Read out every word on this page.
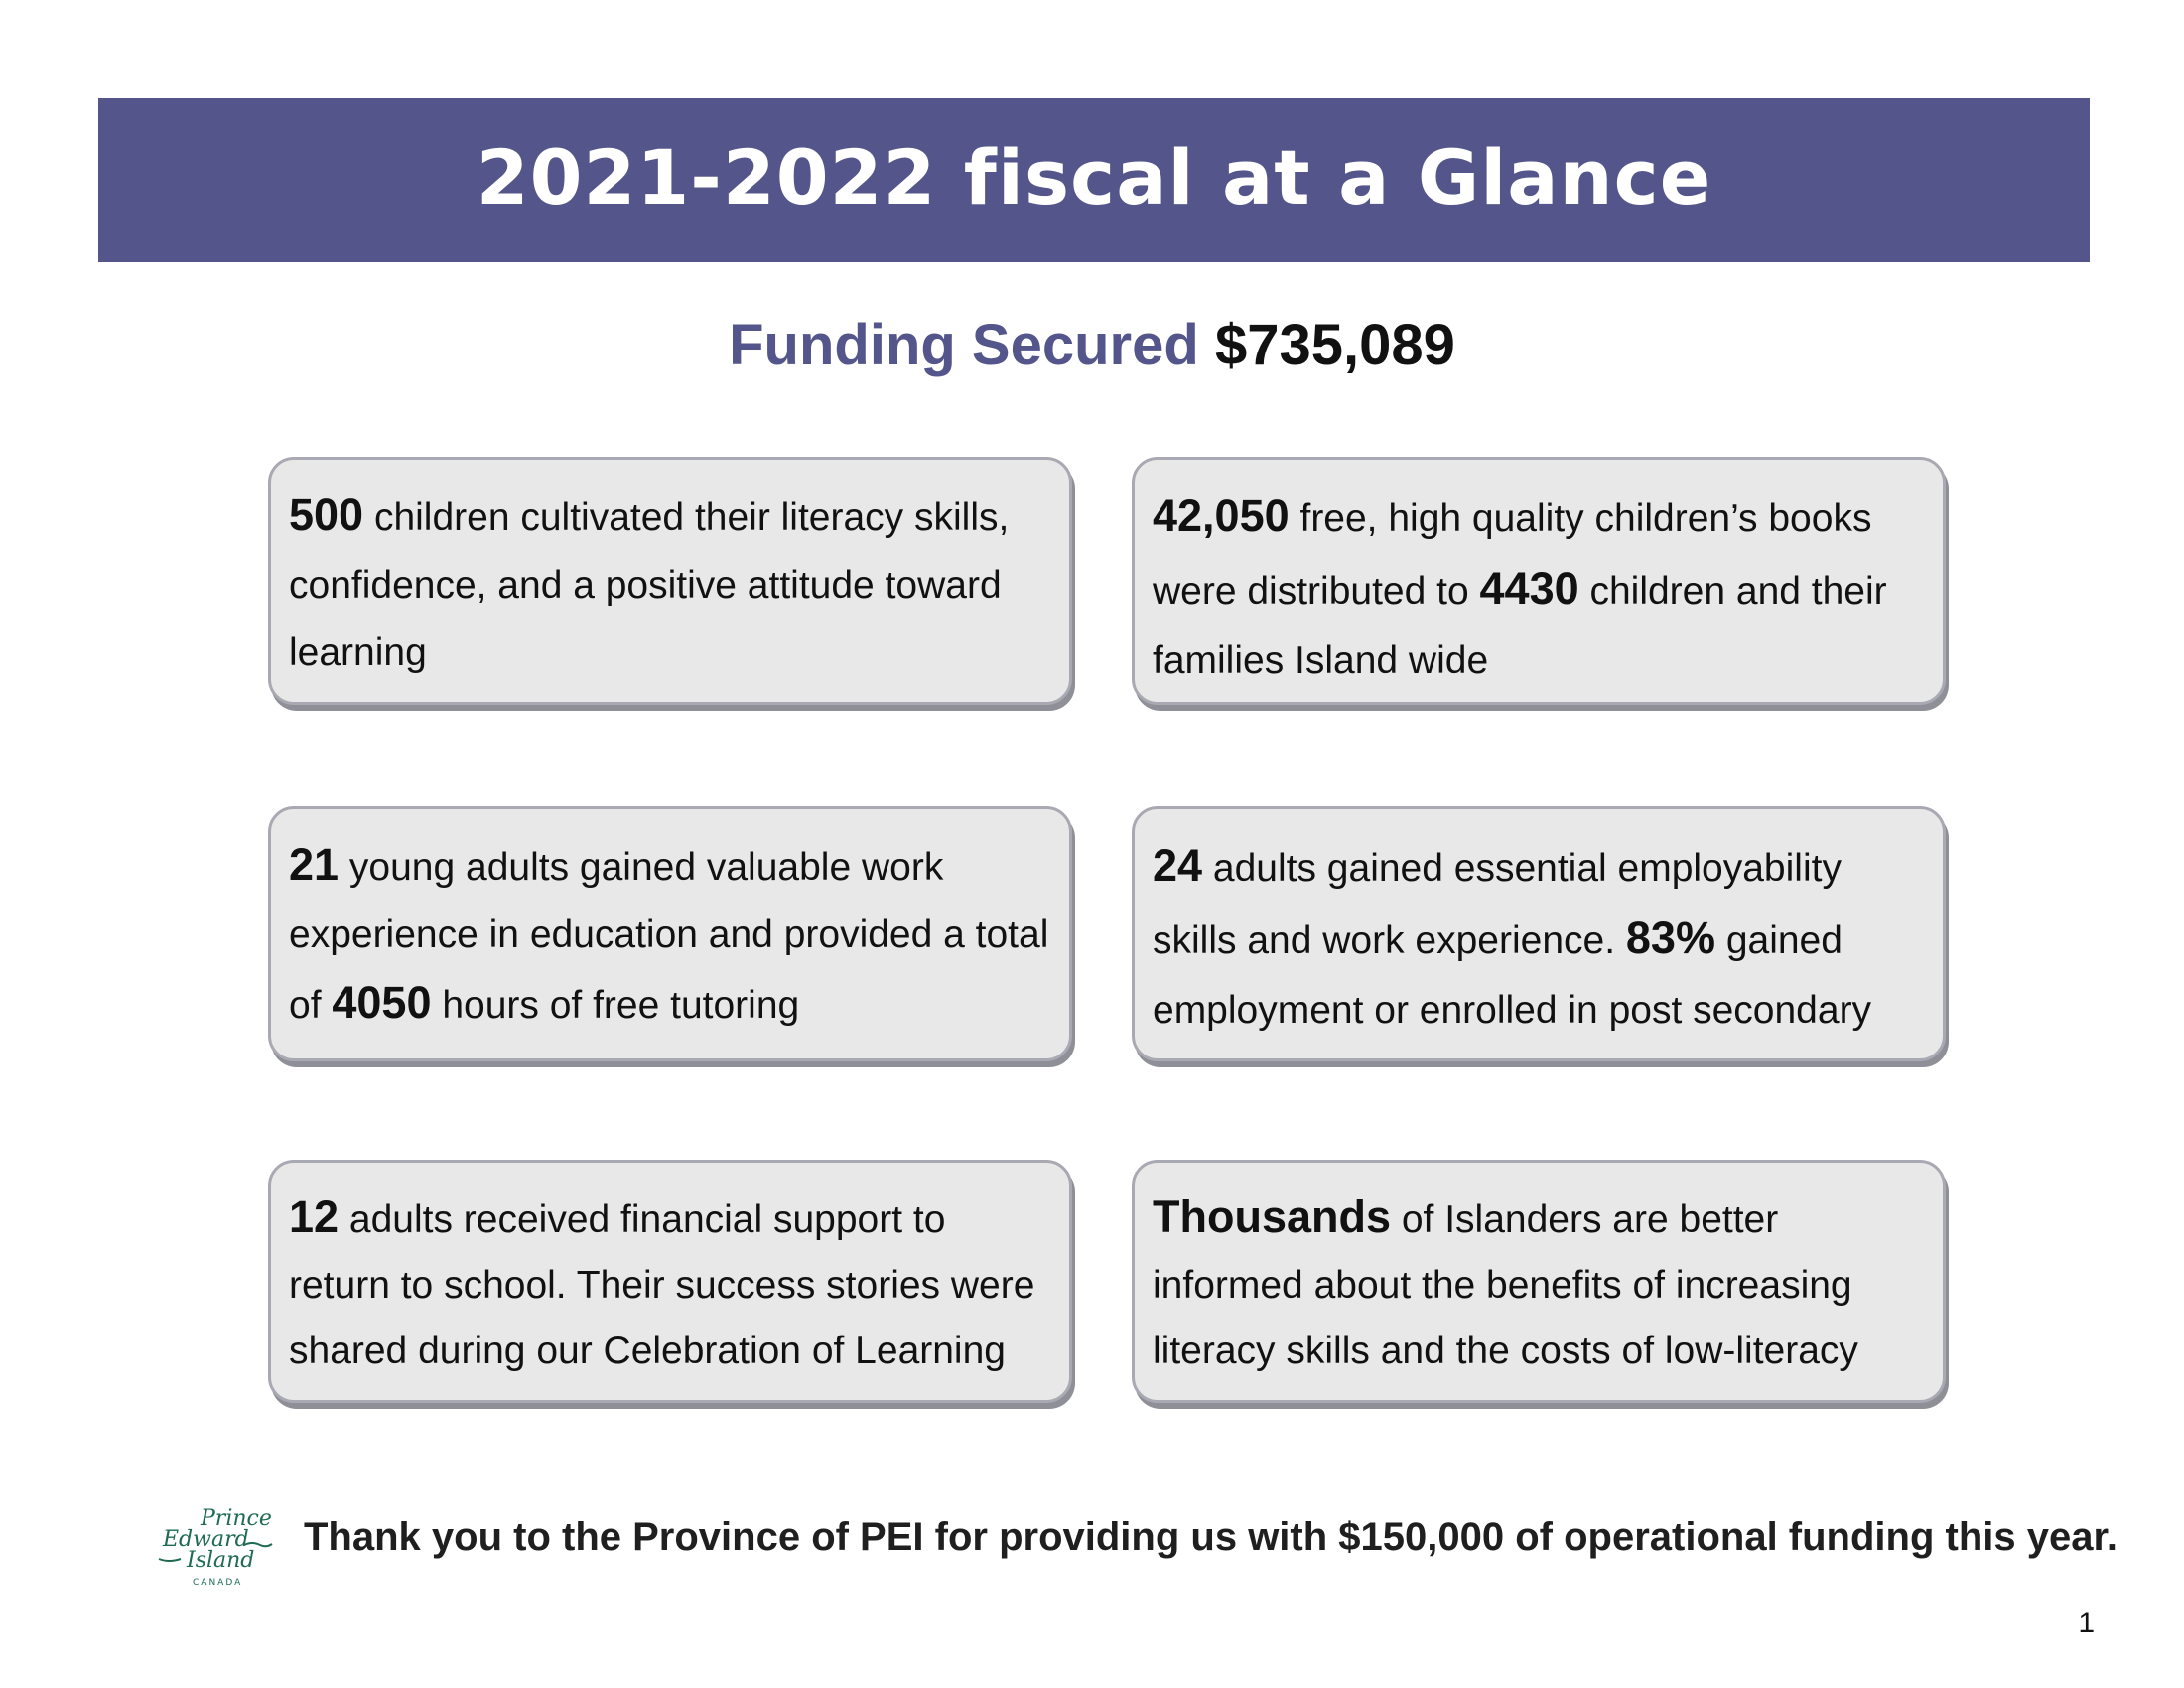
2021-2022 fiscal at a Glance
Funding Secured $735,089
500 children cultivated their literacy skills, confidence, and a positive attitude toward learning
42,050 free, high quality children’s books were distributed to 4430 children and their families Island wide
21 young adults gained valuable work experience in education and provided a total of 4050 hours of free tutoring
24 adults gained essential employability skills and work experience. 83% gained employment or enrolled in post secondary
12 adults received financial support to return to school. Their success stories were shared during our Celebration of Learning
Thousands of Islanders are better informed about the benefits of increasing literacy skills and the costs of low-literacy
Prince
Edward
Island
CANADA
Thank you to the Province of PEI for providing us with $150,000 of operational funding this year.
1
